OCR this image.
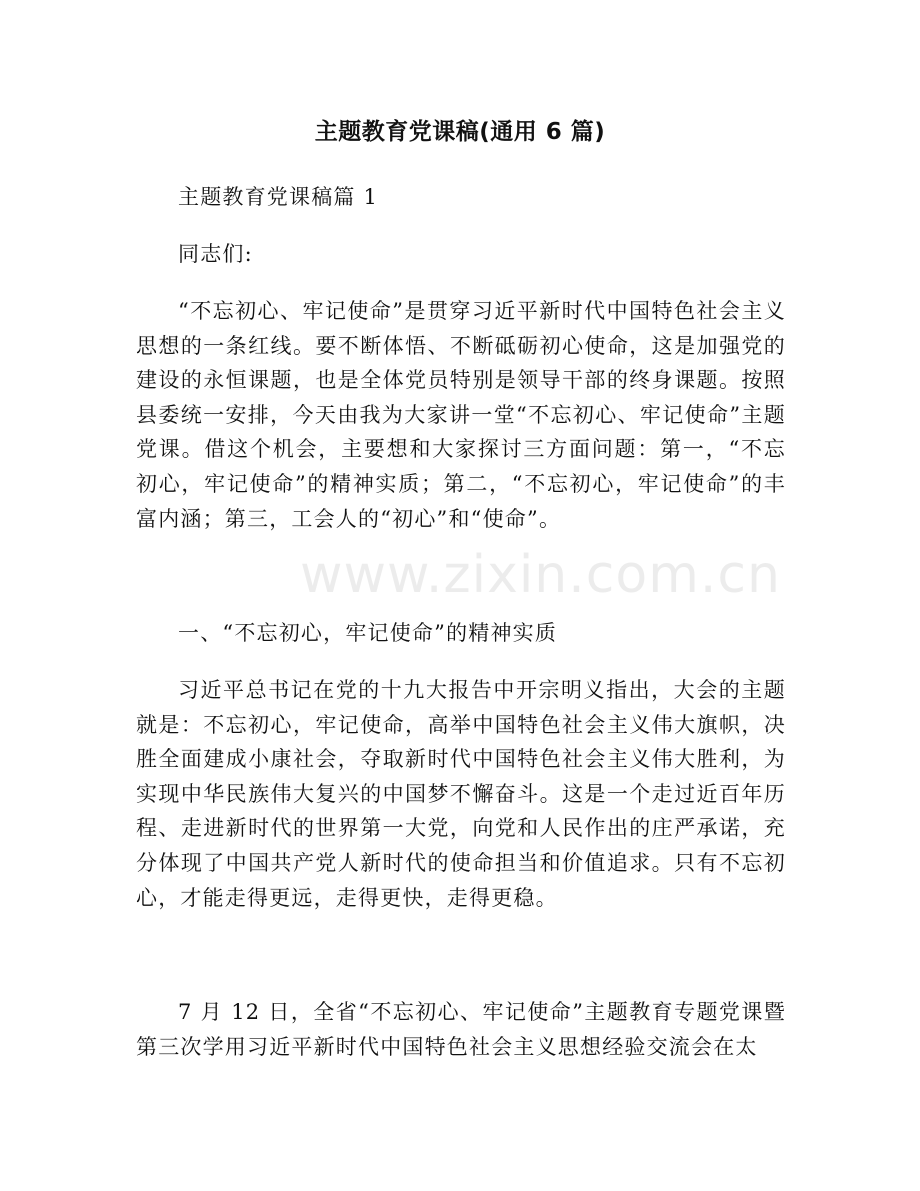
主题教育党课稿(通用 6 篇)

主题教育党课稿篇 1

同志们:

“不忘初心、牢记使命”是贯穿习近平新时代中国特色社会主义思想的一条红线。要不断体悟、不断砥砺初心使命，这是加强党的建设的永恒课题，也是全体党员特别是领导干部的终身课题。按照县委统一安排，今天由我为大家讲一堂“不忘初心、牢记使命”主题党课。借这个机会，主要想和大家探讨三方面问题：第一，“不忘初心，牢记使命”的精神实质；第二，“不忘初心，牢记使命”的丰富内涵；第三，工会人的“初心”和“使命”。

一、“不忘初心，牢记使命”的精神实质

习近平总书记在党的十九大报告中开宗明义指出，大会的主题就是：不忘初心，牢记使命，高举中国特色社会主义伟大旗帜，决胜全面建成小康社会，夺取新时代中国特色社会主义伟大胜利，为实现中华民族伟大复兴的中国梦不懈奋斗。这是一个走过近百年历程、走进新时代的世界第一大党，向党和人民作出的庄严承诺，充分体现了中国共产党人新时代的使命担当和价值追求。只有不忘初心，才能走得更远，走得更快，走得更稳。

7 月 12 日，全省“不忘初心、牢记使命”主题教育专题党课暨第三次学用习近平新时代中国特色社会主义思想经验交流会在太

www.zixin.com.cn
